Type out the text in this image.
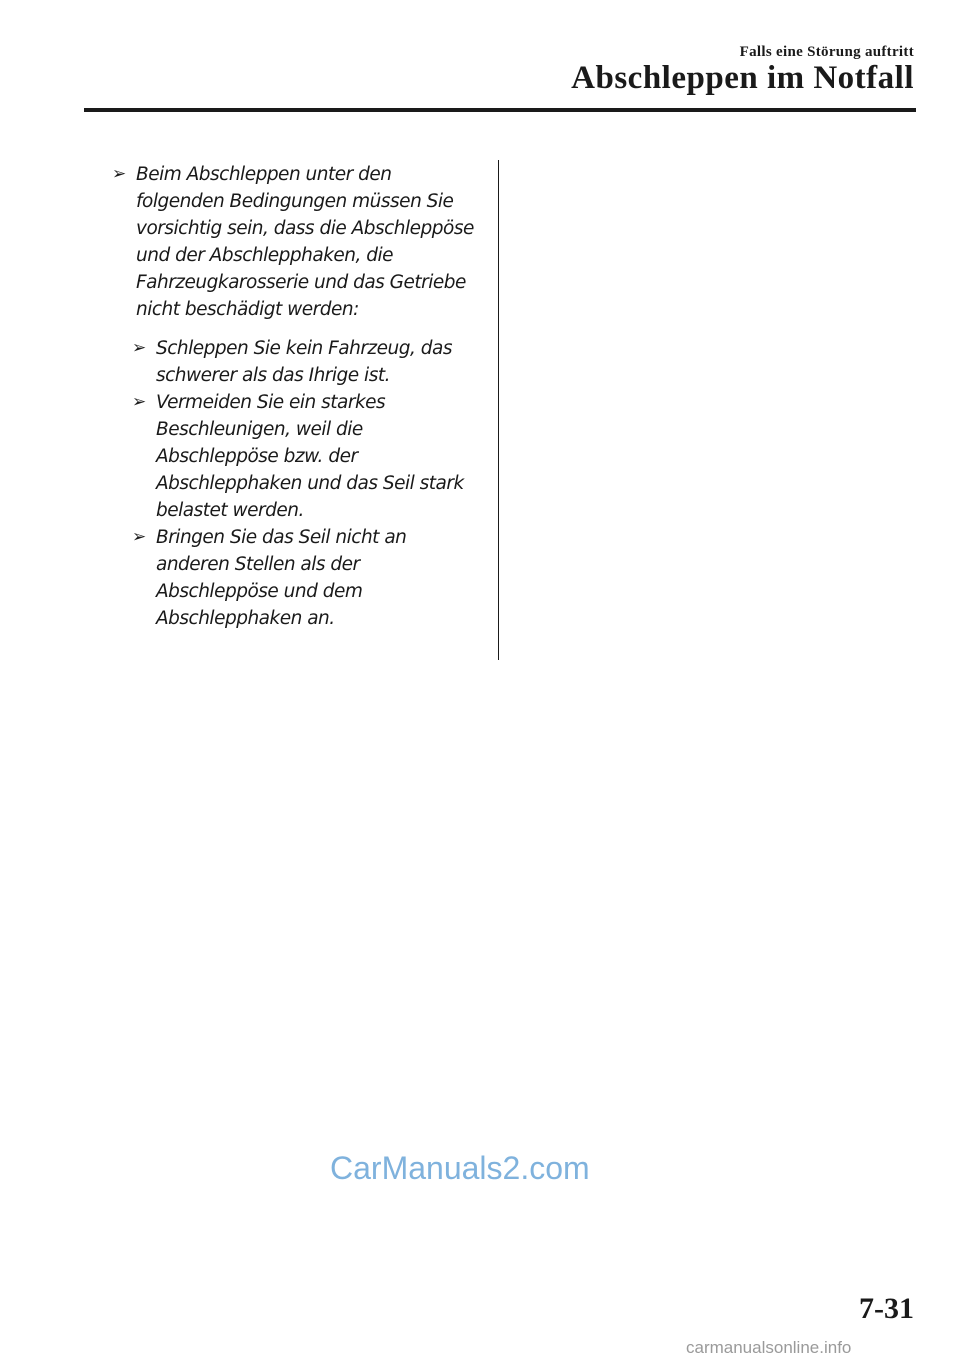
Falls eine Störung auftritt
Abschleppen im Notfall
➢ Beim Abschleppen unter den folgenden Bedingungen müssen Sie vorsichtig sein, dass die Abschleppöse und der Abschlepphaken, die Fahrzeugkarosserie und das Getriebe nicht beschädigt werden:
➢ Schleppen Sie kein Fahrzeug, das schwerer als das Ihrige ist.
➢ Vermeiden Sie ein starkes Beschleunigen, weil die Abschleppöse bzw. der Abschlepphaken und das Seil stark belastet werden.
➢ Bringen Sie das Seil nicht an anderen Stellen als der Abschleppöse und dem Abschlepphaken an.
CarManuals2.com
7-31
carmanualsonline.info
